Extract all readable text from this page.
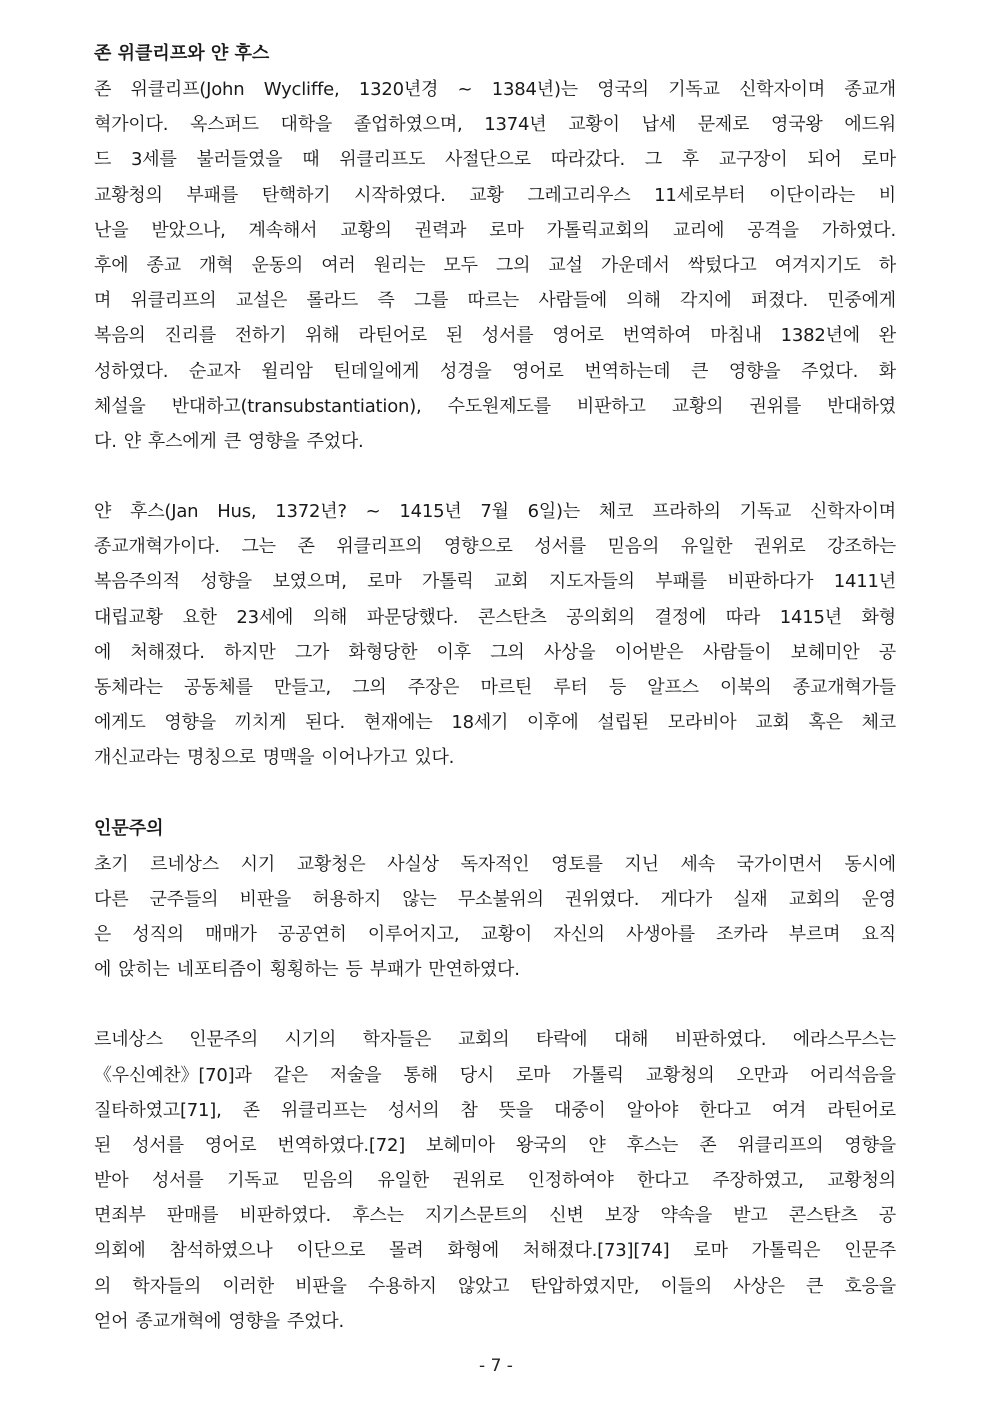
존 위클리프와 얀 후스
존 위클리프(John Wycliffe, 1320년경 ~ 1384년)는 영국의 기독교 신학자이며 종교개
혁가이다. 옥스퍼드 대학을 졸업하였으며, 1374년 교황이 납세 문제로 영국왕 에드워
드 3세를 불러들였을 때 위클리프도 사절단으로 따라갔다. 그 후 교구장이 되어 로마
교황청의 부패를 탄핵하기 시작하였다. 교황 그레고리우스 11세로부터 이단이라는 비
난을 받았으나, 계속해서 교황의 권력과 로마 가톨릭교회의 교리에 공격을 가하였다.
후에 종교 개혁 운동의 여러 원리는 모두 그의 교설 가운데서 싹텄다고 여겨지기도 하
며 위클리프의 교설은 롤라드 즉 그를 따르는 사람들에 의해 각지에 퍼졌다. 민중에게
복음의 진리를 전하기 위해 라틴어로 된 성서를 영어로 번역하여 마침내 1382년에 완
성하였다. 순교자 윌리암 틴데일에게 성경을 영어로 번역하는데 큰 영향을 주었다. 화
체설을 반대하고(transubstantiation), 수도원제도를 비판하고 교황의 권위를 반대하였
다. 얀 후스에게 큰 영향을 주었다.
얀 후스(Jan Hus, 1372년? ~ 1415년 7월 6일)는 체코 프라하의 기독교 신학자이며
종교개혁가이다. 그는 존 위클리프의 영향으로 성서를 믿음의 유일한 권위로 강조하는
복음주의적 성향을 보였으며, 로마 가톨릭 교회 지도자들의 부패를 비판하다가 1411년
대립교황 요한 23세에 의해 파문당했다. 콘스탄츠 공의회의 결정에 따라 1415년 화형
에 처해졌다. 하지만 그가 화형당한 이후 그의 사상을 이어받은 사람들이 보헤미안 공
동체라는 공동체를 만들고, 그의 주장은 마르틴 루터 등 알프스 이북의 종교개혁가들
에게도 영향을 끼치게 된다. 현재에는 18세기 이후에 설립된 모라비아 교회 혹은 체코
개신교라는 명칭으로 명맥을 이어나가고 있다.
인문주의
초기 르네상스 시기 교황청은 사실상 독자적인 영토를 지닌 세속 국가이면서 동시에
다른 군주들의 비판을 허용하지 않는 무소불위의 권위였다. 게다가 실재 교회의 운영
은 성직의 매매가 공공연히 이루어지고, 교황이 자신의 사생아를 조카라 부르며 요직
에 앉히는 네포티즘이 횡횡하는 등 부패가 만연하였다.
르네상스 인문주의 시기의 학자들은 교회의 타락에 대해 비판하였다. 에라스무스는
《우신예찬》[70]과 같은 저술을 통해 당시 로마 가톨릭 교황청의 오만과 어리석음을
질타하였고[71], 존 위클리프는 성서의 참 뜻을 대중이 알아야 한다고 여겨 라틴어로
된 성서를 영어로 번역하였다.[72] 보헤미아 왕국의 얀 후스는 존 위클리프의 영향을
받아 성서를 기독교 믿음의 유일한 권위로 인정하여야 한다고 주장하였고, 교황청의
면죄부 판매를 비판하였다. 후스는 지기스문트의 신변 보장 약속을 받고 콘스탄츠 공
의회에 참석하였으나 이단으로 몰려 화형에 처해졌다.[73][74] 로마 가톨릭은 인문주
의 학자들의 이러한 비판을 수용하지 않았고 탄압하였지만, 이들의 사상은 큰 호응을
얻어 종교개혁에 영향을 주었다.
- 7 -
